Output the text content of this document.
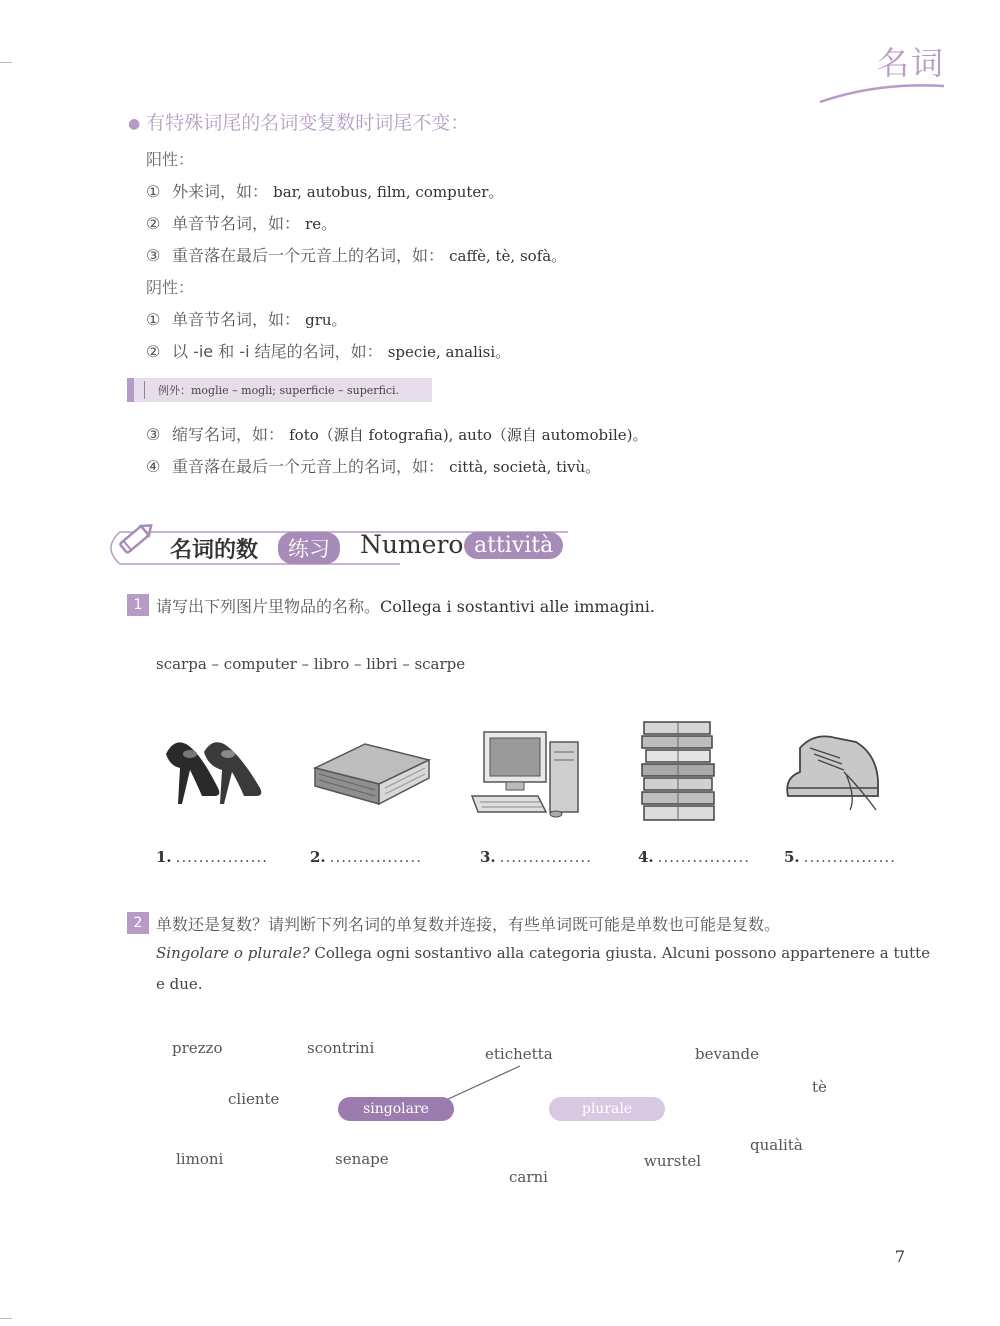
名词
● 有特殊词尾的名词变复数时词尾不变：
阳性：
① 外来词，如： bar, autobus, film, computer。
② 单音节名词，如： re。
③ 重音落在最后一个元音上的名词，如： caffè, tè, sofà。
阴性：
① 单音节名词，如： gru。
② 以 -ie 和 -i 结尾的名词，如： specie, analisi。
例外：moglie – mogli; superficie – superfici.
③ 缩写名词，如： foto（源自 fotografia), auto（源自 automobile)。
④ 重音落在最后一个元音上的名词，如： città, società, tivù。
名词的数	练习	Numero attività
1 请写出下列图片里物品的名称。Collega i sostantivi alle immagini.
scarpa – computer – libro – libri – scarpe
1. ................	2. ................	3. ................	4. ................ 5. ................
2 单数还是复数？请判断下列名词的单复数并连接，有些单词既可能是单数也可能是复数。
Singolare o plurale? Collega ogni sostantivo alla categoria giusta. Alcuni possono appartenere a tutte
e due.
prezzo	scontrini	etichetta	bevande
cliente
tè
limoni	senape
carni
wurstel
qualità
singolare	plurale
7
